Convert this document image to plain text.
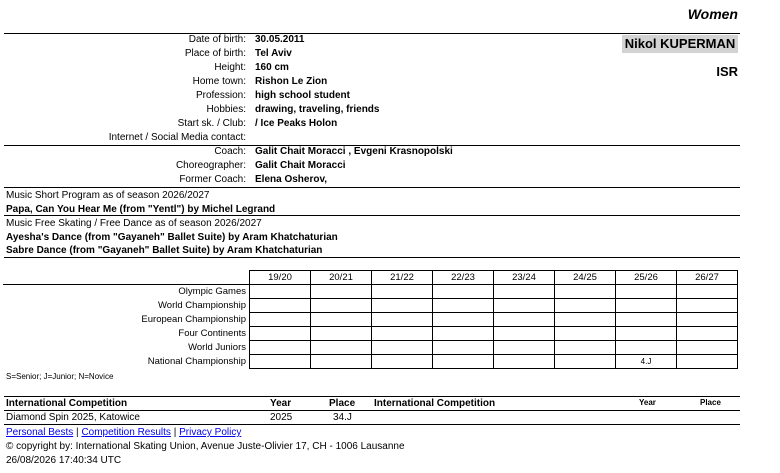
Women
Nikol KUPERMAN
ISR
Date of birth: 30.05.2011
Place of birth: Tel Aviv
Height: 160 cm
Home town: Rishon Le Zion
Profession: high school student
Hobbies: drawing, traveling, friends
Start sk. / Club: / Ice Peaks Holon
Internet / Social Media contact:
Coach: Galit Chait Moracci , Evgeni Krasnopolski
Choreographer: Galit Chait Moracci
Former Coach: Elena Osherov,
Music Short Program as of season 2026/2027
Papa, Can You Hear Me (from "Yentl") by Michel Legrand
Music Free Skating / Free Dance as of season 2026/2027
Ayesha's Dance (from "Gayaneh" Ballet Suite) by Aram Khatchaturian
Sabre Dance (from "Gayaneh" Ballet Suite) by Aram Khatchaturian
	19/20	20/21	21/22	22/23	23/24	24/25	25/26	26/27
Olympic Games								
World Championship								
European Championship								
Four Continents								
World Juniors								
National Championship							4.J	
S=Senior; J=Junior; N=Novice
International Competition	Year	Place International Competition	Year	Place
Diamond Spin 2025, Katowice	2025	34.J
Personal Bests | Competition Results | Privacy Policy
© copyright by: International Skating Union, Avenue Juste-Olivier 17, CH - 1006 Lausanne
26/08/2026 17:40:34 UTC
